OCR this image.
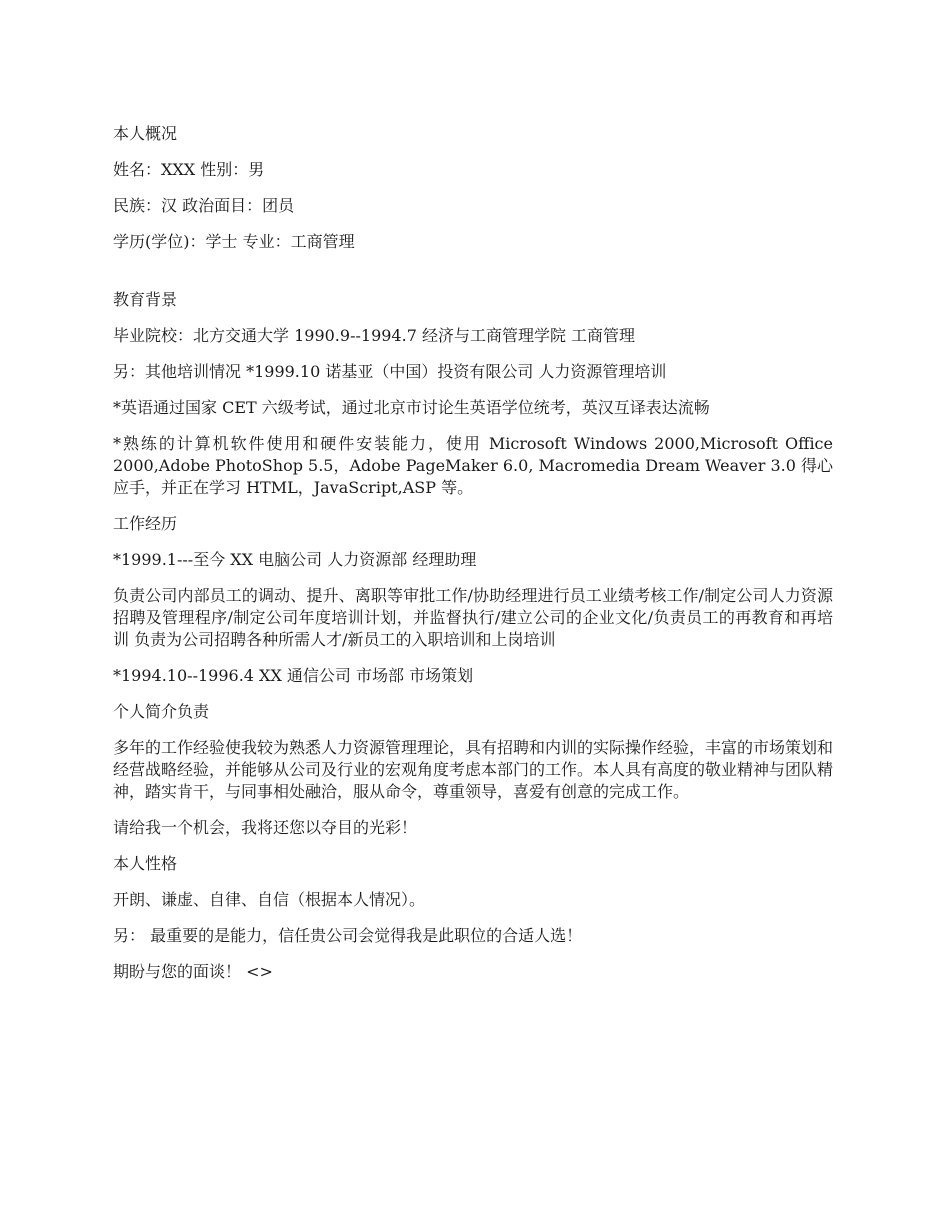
本人概况

姓名：XXX 性别：男

民族：汉 政治面目：团员

学历(学位)：学士 专业：工商管理

教育背景

毕业院校：北方交通大学 1990.9--1994.7 经济与工商管理学院 工商管理

另：其他培训情况 *1999.10 诺基亚（中国）投资有限公司 人力资源管理培训

*英语通过国家 CET 六级考试，通过北京市讨论生英语学位统考，英汉互译表达流畅

*熟练的计算机软件使用和硬件安装能力，使用 Microsoft Windows 2000,Microsoft Office 2000,Adobe PhotoShop 5.5，Adobe PageMaker 6.0, Macromedia Dream Weaver 3.0 得心应手，并正在学习 HTML，JavaScript,ASP 等。

工作经历

*1999.1---至今 XX 电脑公司 人力资源部 经理助理

负责公司内部员工的调动、提升、离职等审批工作/协助经理进行员工业绩考核工作/制定公司人力资源招聘及管理程序/制定公司年度培训计划，并监督执行/建立公司的企业文化/负责员工的再教育和再培训 负责为公司招聘各种所需人才/新员工的入职培训和上岗培训

*1994.10--1996.4 XX 通信公司 市场部 市场策划

个人简介负责

多年的工作经验使我较为熟悉人力资源管理理论，具有招聘和内训的实际操作经验，丰富的市场策划和经营战略经验，并能够从公司及行业的宏观角度考虑本部门的工作。本人具有高度的敬业精神与团队精神，踏实肯干，与同事相处融洽，服从命令，尊重领导，喜爱有创意的完成工作。

请给我一个机会，我将还您以夺目的光彩！

本人性格

开朗、谦虚、自律、自信（根据本人情况）。

另： 最重要的是能力，信任贵公司会觉得我是此职位的合适人选！

期盼与您的面谈！ <>
